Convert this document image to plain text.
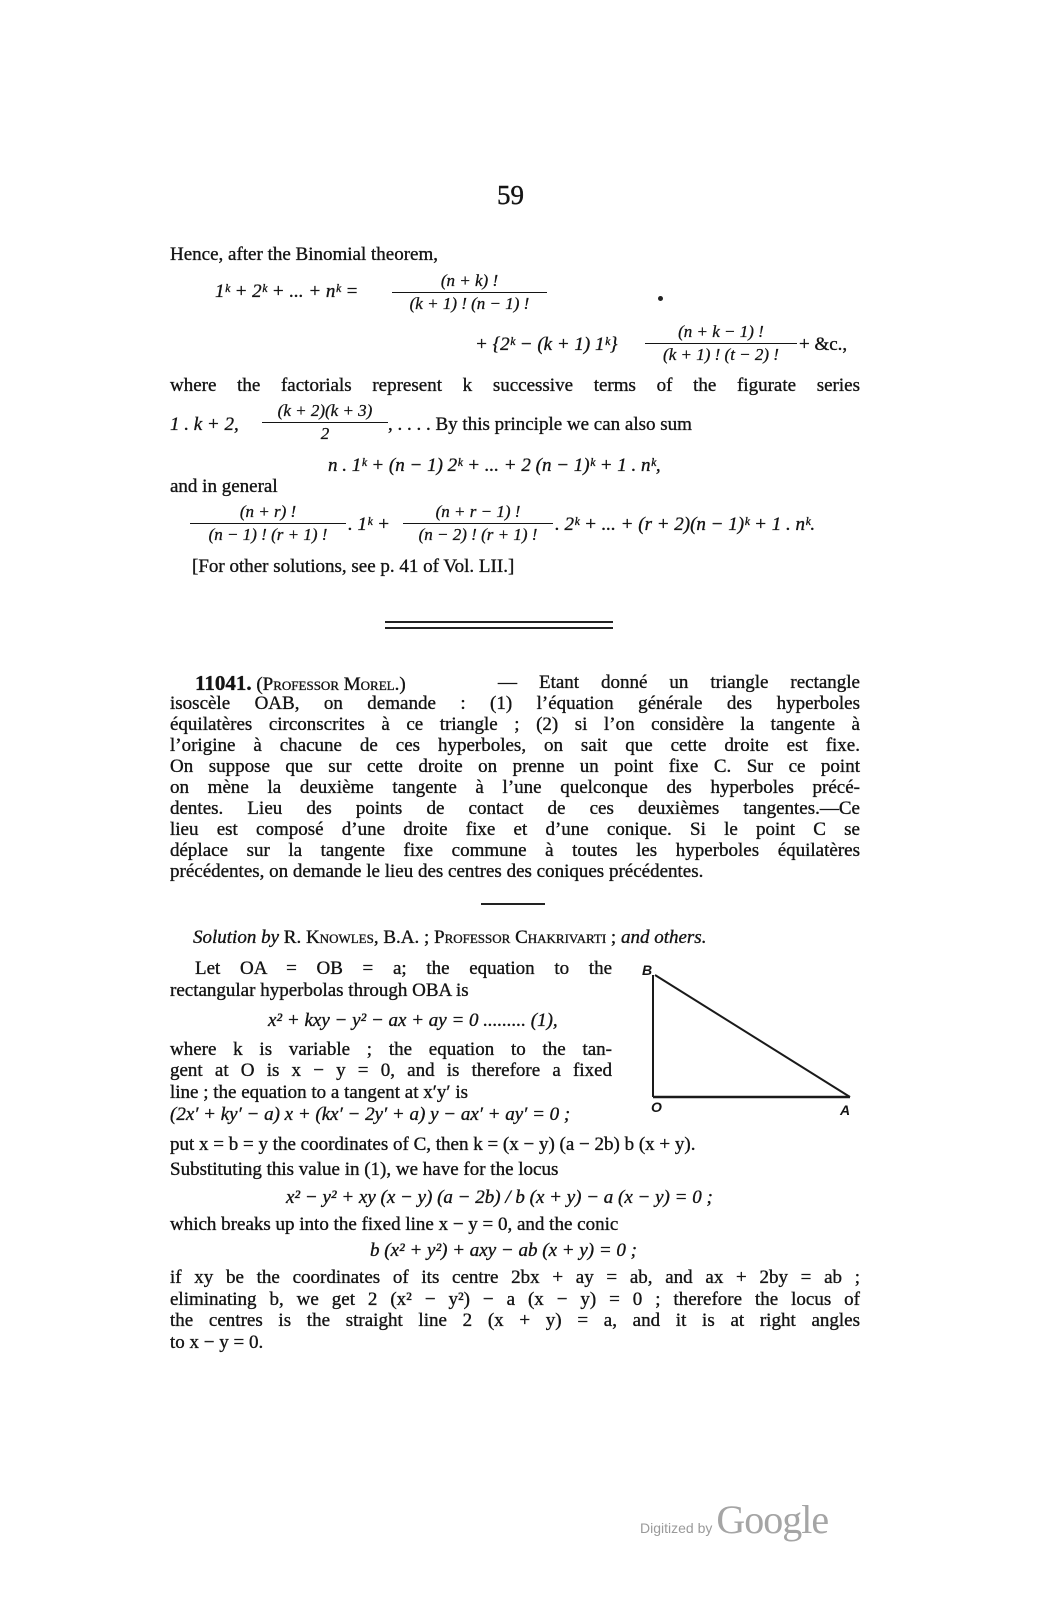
59
Hence, after the Binomial theorem,
1ᵏ + 2ᵏ + ... + nᵏ =
(n + k) !
(k + 1) ! (n − 1) !
+ {2ᵏ − (k + 1) 1ᵏ}
(n + k − 1) !
(k + 1) ! (t − 2) !	+ &c.,
where the factorials represent k successive terms of the figurate series
1 . k + 2,
(k + 2)(k + 3)
2	, . . . . By this principle we can also sum
n . 1ᵏ + (n − 1) 2ᵏ + ... + 2 (n − 1)ᵏ + 1 . nᵏ,
and in general
(n + r) !
(n − 1) ! (r + 1) !	. 1ᵏ +
(n + r − 1) !
(n − 2) ! (r + 1) ! . 2ᵏ + ... + (r + 2)(n − 1)ᵏ + 1 . nᵏ.
[For other solutions, see p. 41 of Vol. LII.]
11041. (Professor Morel.)	— Etant donné un triangle rectangle
isoscèle OAB, on demande : (1) l’équation générale des hyperboles
équilatères circonscrites à ce triangle ; (2) si l’on considère la tangente à
l’origine à chacune de ces hyperboles, on sait que cette droite est fixe.
On suppose que sur cette droite on prenne un point fixe C. Sur ce point
on mène la deuxième tangente à l’une quelconque des hyperboles précé-
dentes. Lieu des points de contact de ces deuxièmes tangentes.—Ce
lieu est composé d’une droite fixe et d’une conique. Si le point C se
déplace sur la tangente fixe commune à toutes les hyperboles équilatères
précédentes, on demande le lieu des centres des coniques précédentes.
Solution by R. Knowles, B.A. ; Professor Chakrivarti ; and others.
Let OA = OB = a; the equation to the
rectangular hyperbolas through OBA is
x² + kxy − y² − ax + ay = 0 ......... (1),
where k is variable ; the equation to the tan-
gent at O is x − y = 0, and is therefore a fixed
line ; the equation to a tangent at x′y′ is
(2x′ + ky′ − a) x + (kx′ − 2y′ + a) y − ax′ + ay′ = 0 ;
B
O	A
put x = b = y the coordinates of C, then k = (x − y) (a − 2b) b (x + y).
Substituting this value in (1), we have for the locus
x² − y² + xy (x − y) (a − 2b) / b (x + y) − a (x − y) = 0 ;
which breaks up into the fixed line x − y = 0, and the conic
b (x² + y²) + axy − ab (x + y) = 0 ;
if xy be the coordinates of its centre 2bx + ay = ab, and ax + 2by = ab ;
eliminating b, we get 2 (x² − y²) − a (x − y) = 0 ; therefore the locus of
the centres is the straight line 2 (x + y) = a, and it is at right angles
to x − y = 0.
Digitized by Google
